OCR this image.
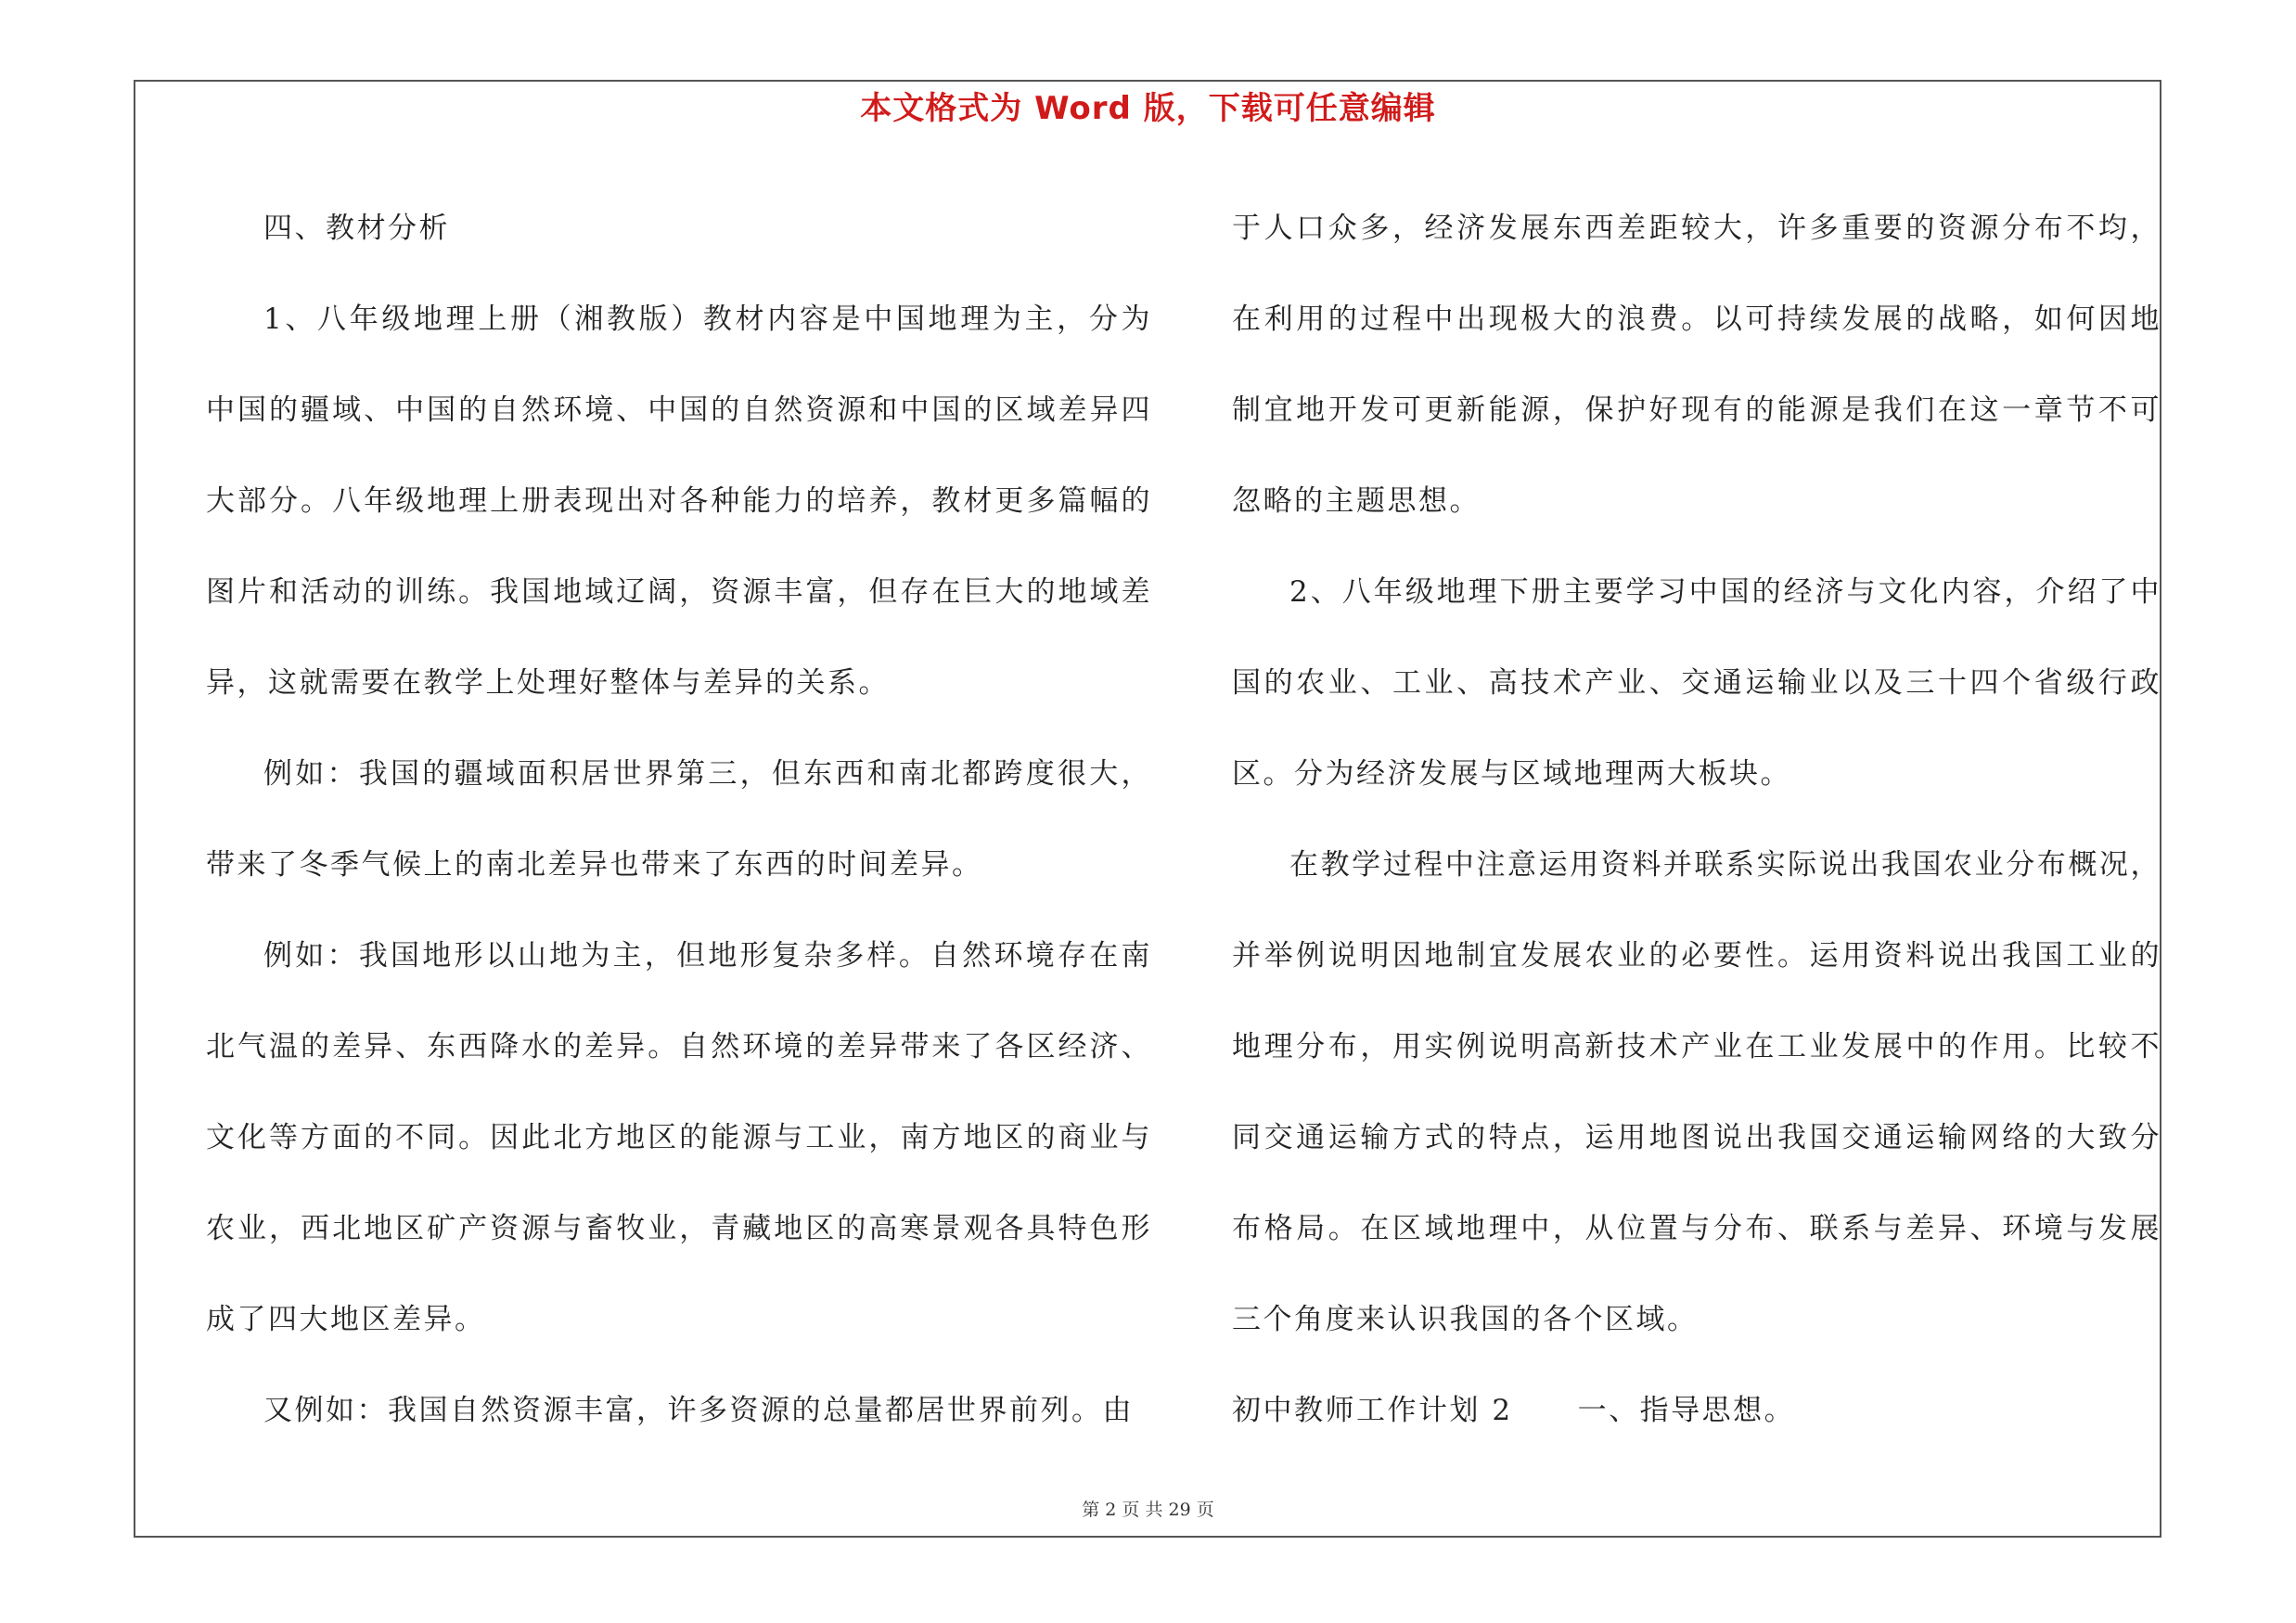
本文格式为 Word 版，下载可任意编辑

四、教材分析

1、八年级地理上册（湘教版）教材内容是中国地理为主，分为中国的疆域、中国的自然环境、中国的自然资源和中国的区域差异四大部分。八年级地理上册表现出对各种能力的培养，教材更多篇幅的图片和活动的训练。我国地域辽阔，资源丰富，但存在巨大的地域差异，这就需要在教学上处理好整体与差异的关系。

例如：我国的疆域面积居世界第三，但东西和南北都跨度很大，带来了冬季气候上的南北差异也带来了东西的时间差异。

例如：我国地形以山地为主，但地形复杂多样。自然环境存在南北气温的差异、东西降水的差异。自然环境的差异带来了各区经济、文化等方面的不同。因此北方地区的能源与工业，南方地区的商业与农业，西北地区矿产资源与畜牧业，青藏地区的高寒景观各具特色形成了四大地区差异。

又例如：我国自然资源丰富，许多资源的总量都居世界前列。由

于人口众多，经济发展东西差距较大，许多重要的资源分布不均，在利用的过程中出现极大的浪费。以可持续发展的战略，如何因地制宜地开发可更新能源，保护好现有的能源是我们在这一章节不可忽略的主题思想。

2、八年级地理下册主要学习中国的经济与文化内容，介绍了中国的农业、工业、高技术产业、交通运输业以及三十四个省级行政区。分为经济发展与区域地理两大板块。

在教学过程中注意运用资料并联系实际说出我国农业分布概况，并举例说明因地制宜发展农业的必要性。运用资料说出我国工业的地理分布，用实例说明高新技术产业在工业发展中的作用。比较不同交通运输方式的特点，运用地图说出我国交通运输网络的大致分布格局。在区域地理中，从位置与分布、联系与差异、环境与发展三个角度来认识我国的各个区域。

初中教师工作计划 2 一、指导思想。

第 2 页 共 29 页
